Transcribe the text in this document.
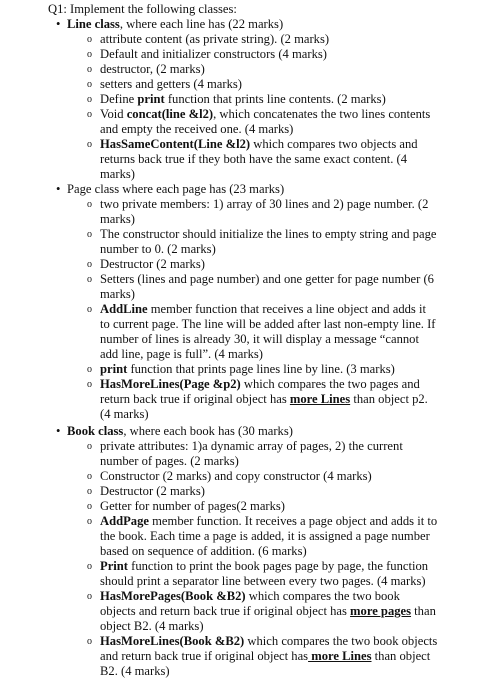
Q1: Implement the following classes:
• Line class, where each line has (22 marks)
o attribute content (as private string). (2 marks)
o Default and initializer constructors (4 marks)
o destructor, (2 marks)
o setters and getters (4 marks)
o Define print function that prints line contents. (2 marks)
o Void concat(line &l2), which concatenates the two lines contents and empty the received one. (4 marks)
o HasSameContent(Line &l2) which compares two objects and returns back true if they both have the same exact content. (4 marks)
• Page class where each page has (23 marks)
o two private members: 1) array of 30 lines and 2) page number. (2 marks)
o The constructor should initialize the lines to empty string and page number to 0. (2 marks)
o Destructor (2 marks)
o Setters (lines and page number) and one getter for page number (6 marks)
o AddLine member function that receives a line object and adds it to current page. The line will be added after last non-empty line. If number of lines is already 30, it will display a message “cannot add line, page is full”. (4 marks)
o print function that prints page lines line by line. (3 marks)
o HasMoreLines(Page &p2) which compares the two pages and return back true if original object has more Lines than object p2. (4 marks)
• Book class, where each book has (30 marks)
o private attributes: 1)a dynamic array of pages, 2) the current number of pages. (2 marks)
o Constructor (2 marks) and copy constructor (4 marks)
o Destructor (2 marks)
o Getter for number of pages(2 marks)
o AddPage member function. It receives a page object and adds it to the book. Each time a page is added, it is assigned a page number based on sequence of addition. (6 marks)
o Print function to print the book pages page by page, the function should print a separator line between every two pages. (4 marks)
o HasMorePages(Book &B2) which compares the two book objects and return back true if original object has more pages than object B2. (4 marks)
o HasMoreLines(Book &B2) which compares the two book objects and return back true if original object has more Lines than object B2. (4 marks)
